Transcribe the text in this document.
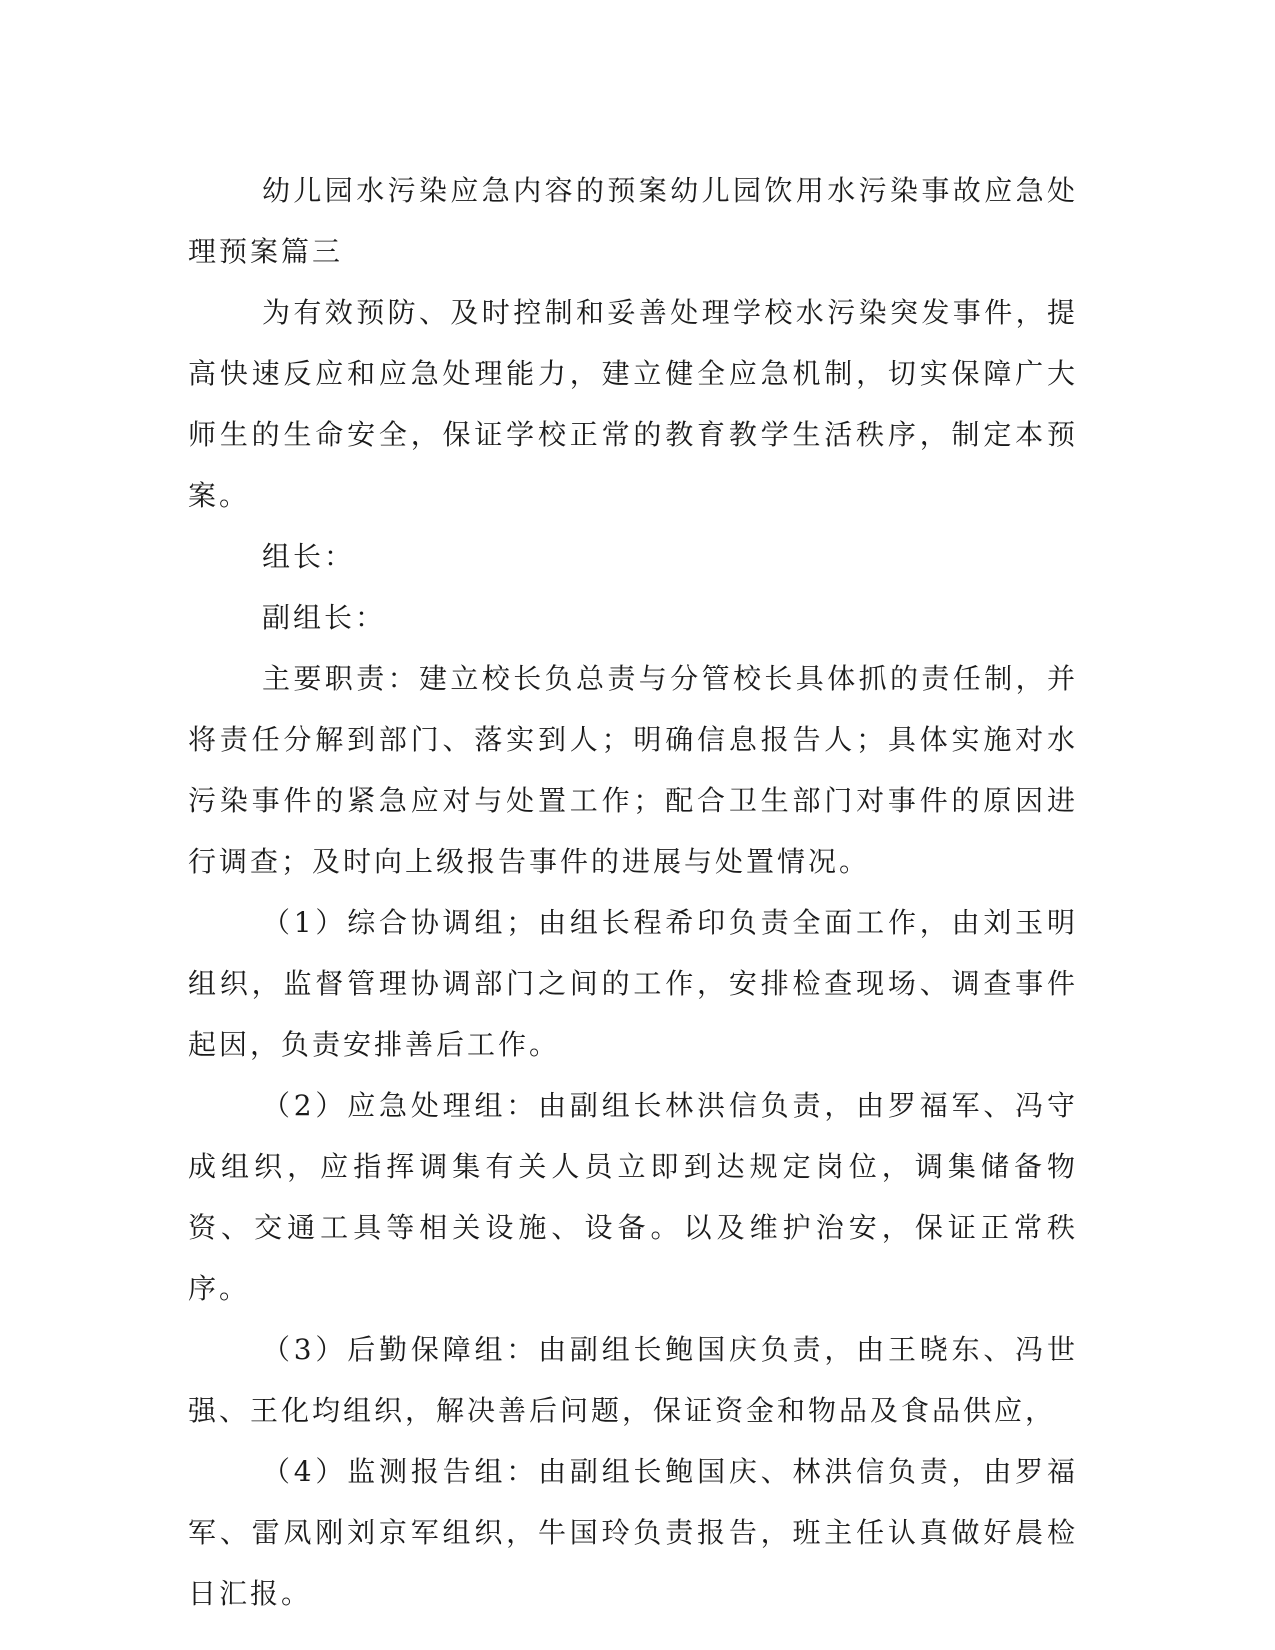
幼儿园水污染应急内容的预案幼儿园饮用水污染事故应急处理预案篇三

为有效预防、及时控制和妥善处理学校水污染突发事件，提高快速反应和应急处理能力，建立健全应急机制，切实保障广大师生的生命安全，保证学校正常的教育教学生活秩序，制定本预案。

组长：

副组长：

主要职责：建立校长负总责与分管校长具体抓的责任制，并将责任分解到部门、落实到人；明确信息报告人；具体实施对水污染事件的紧急应对与处置工作；配合卫生部门对事件的原因进行调查；及时向上级报告事件的进展与处置情况。

（1）综合协调组；由组长程希印负责全面工作，由刘玉明组织，监督管理协调部门之间的工作，安排检查现场、调查事件起因，负责安排善后工作。

（2）应急处理组：由副组长林洪信负责，由罗福军、冯守成组织，应指挥调集有关人员立即到达规定岗位，调集储备物资、交通工具等相关设施、设备。以及维护治安，保证正常秩序。

（3）后勤保障组：由副组长鲍国庆负责，由王晓东、冯世强、王化均组织，解决善后问题，保证资金和物品及食品供应，

（4）监测报告组：由副组长鲍国庆、林洪信负责，由罗福军、雷凤刚刘京军组织，牛国玲负责报告，班主任认真做好晨检日汇报。
